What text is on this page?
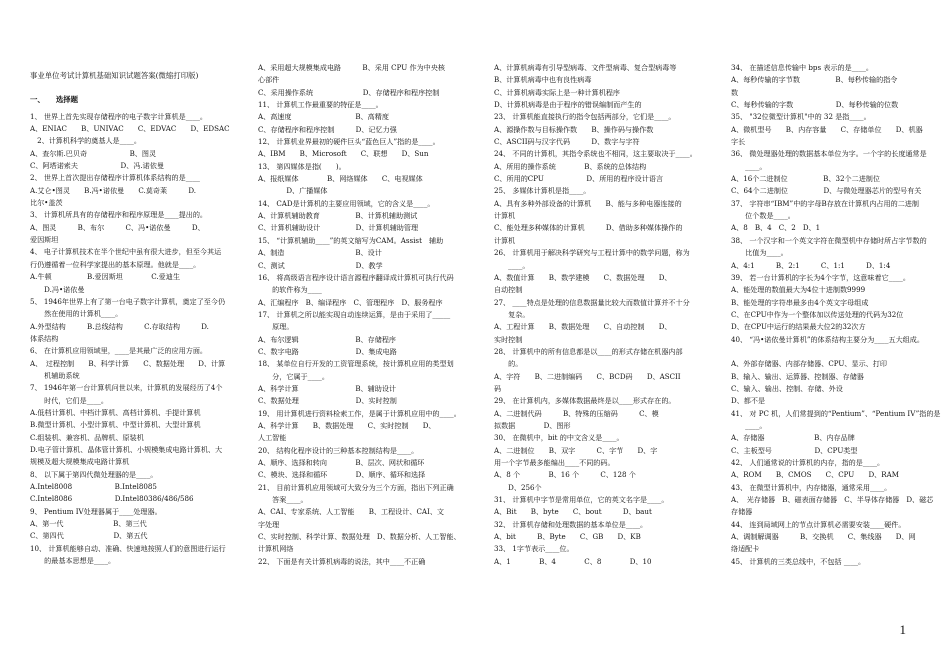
事业单位考试计算机基础知识试题答案(微缩打印版)
一、　　选择题
1、 世界上首先实现存储程序的电子数字计算机是____。
A、ENIAC　　B、UNIVAC　　C、EDVAC　　D、EDSAC
　2、计算机科学的奠基人是____。
A、查尔斯.巴贝奇　　　　　　B、图灵
C、阿塔诺索夫　　　　　　D、冯.诺依曼
2、 世界上首次提出存储程序计算机体系结构的是____
A.艾仑•图灵　　B.冯•诺依曼　　C.莫奇莱　　　D.
比尔•盖茨
3、 计算机所具有的存储程序和程序原理是____提出的。
A、图灵　　　B、布尔　　　C、冯•诺依曼　　　D、
爱因斯坦
4、 电子计算机技术在半个世纪中虽有很大进步，但至今其运
行仍遵循着一位科学家提出的基本原理。他就是____。
A.牛顿　　　　　B.爱因斯坦　　　　C.爱迪生
　　D.冯•诺依曼
5、 1946年世界上有了第一台电子数字计算机，奠定了至今仍
　　然在使用的计算机____。
A.外型结构　　　B.总线结构　　　C.存取结构　　　D.
体系结构
6、 在计算机应用领域里，____是其最广泛的应用方面。
A、　过程控制　　B、科学计算　　C、数据处理　　D、计算
　　机辅助系统
7、 1946年第一台计算机问世以来，计算机的发展经历了4个
　　时代，它们是____。
A.低档计算机、中档计算机、高档计算机、手提计算机
B.微型计算机、小型计算机、中型计算机、大型计算机
C.组装机、兼容机、品牌机、原装机
D.电子管计算机、晶体管计算机、小规模集成电路计算机、大
规模及超大规模集成电路计算机
8、 以下属于第四代微处理器的是____。
A.Intel8008　　　　　　B.Intel8085
C.Intel8086　　　　　　D.Intel80386/486/586
9、 Pentium IV处理器属于____处理器。
A、第一代　　　　　　　B、第三代
C、第四代　　　　　　　D、第五代
10、 计算机能够自动、准确、快速地按照人们的意图进行运行
　　的最基本思想是____。
A、采用超大规模集成电路　　　B、采用 CPU 作为中央核
心部件
C、采用操作系统　　　　　　　D、存储程序和程序控制
11、 计算机工作最重要的特征是____。
A、高速度　　　　　　　　　B、高精度
C、存储程序和程序控制　　　D、记忆力强
12、 计算机业界最初的硬件巨头“蓝色巨人”指的是____。
A、IBM　　B、Microsoft　　C、联想　　D、Sun
13、 第四媒体是指(　　)。
A、报纸媒体　　　　B、网络媒体　　C、电视媒体
　　　　D、广播媒体
14、 CAD是计算机的主要应用领域，它的含义是____。
A、计算机辅助教育　　　　　B、计算机辅助测试
C、计算机辅助设计　　　　　D、计算机辅助管理
15、 “计算机辅助____”的英文缩写为CAM。Assist　辅助
A、制造　　　　　　　　　　B、设计
C、测试　　　　　　　　　　D、教学
16、 将高级语言程序设计语言源程序翻译成计算机可执行代码
　　的软件称为____
A、汇编程序　B、编译程序　C、管理程序　D、服务程序
17、 计算机之所以能实现自动连续运算，是由于采用了_____
　　原理。
A、布尔逻辑　　　　　　　　B、存储程序
C、数字电路　　　　　　　　D、集成电路
18、 某单位自行开发的工资管理系统，按计算机应用的类型划
　　分，它属于____。
A、科学计算　　　　　　　　B、辅助设计
C、数据处理　　　　　　　　D、实时控制
19、 用计算机进行资料检索工作，是属于计算机应用中的____。
A、科学计算　　B、数据处理　　C、实时控制　　D、
人工智能
20、 结构化程序设计的三种基本控制结构是____。
A、顺序、选择和转向　　　　B、层次、网状和循环
C、模块、选择和循环　　　　D、顺序、循环和选择
21、 目前计算机应用领域可大致分为三个方面，指出下列正确
　　答案____。
A、CAI、专家系统、人工智能　　B、工程设计、CAI、文
字处理
C、实时控制、科学计算、数据处理　D、数据分析、人工智能、
计算机网络
22、 下面是有关计算机病毒的说法，其中____不正确
A、计算机病毒有引导型病毒、文件型病毒、复合型病毒等
B、计算机病毒中也有良性病毒
C、计算机病毒实际上是一种计算机程序
D、计算机病毒是由于程序的错误编制而产生的
23、 计算机能直接执行的指令包括两部分，它们是____。
A、源操作数与目标操作数　　B、操作码与操作数
C、ASCII码与汉字代码　　　D、数字与字符
24、 不同的计算机，其指令系统也不相同，这主要取决于____。
A、所用的操作系统　　　　B、系统的总体结构
C、所用的CPU　　　　　　D、所用的程序设计语言
25、 多媒体计算机是指____。
A、具有多种外部设备的计算机　　B、能与多种电器连接的
计算机
C、能处理多种媒体的计算机　　　D、借助多种媒体操作的
计算机
26、 计算机用于解决科学研究与工程计算中的数学问题，称为
　　____。
A、数值计算　　B、数学建模　　C、数据处理　　D、
自动控制
27、 ____特点是处理的信息数据量比较大而数值计算并不十分
　　复杂。
A、工程计算　　B、数据处理　　C、自动控制　　D、
实时控制
28、 计算机中的所有信息都是以____的形式存储在机器内部
　　的。
A、字符　　B、二进制编码　　C、BCD码　　D、ASCII
码
29、 在计算机内，多媒体数据最终是以____形式存在的。
A、二进制代码　　　B、特殊的压缩码　　　C、模
拟数据　　　　D、图形
30、 在微机中，bit 的中文含义是____。
A、二进制位　　B、双字　　　C、字节　　D、字
用一个字节最多能编出____不同的码。
A、8 个　　　　B、16 个　　　C、128 个
　　D、256个
31、 计算机中字节是常用单位，它的英文名字是____。
A、Bit　　B、byte　　C、bout　　　D、baut
32、 计算机存储和处理数据的基本单位是____。
A、bit　　　B、Byte　　C、GB　　D、KB
33、 1字节表示____位。
A、1　　　　B、4　　　　C、8　　　　D、10
34、 在描述信息传输中 bps 表示的是____。
A、每秒传输的字节数　　　　　B、每秒传输的指令
数
C、每秒传输的字数　　　　　　D、每秒传输的位数
35、 "32位微型计算机"中的 32 是指____。
A、微机型号　　B、内存容量　　C、存储单位　　D、机器
字长
36、 微处理器处理的数据基本单位为字。一个字的长度通常是
　　____。
A、16个二进制位　　　　　B、32个二进制位
C、64个二进制位　　　　　D、与微处理器芯片的型号有关
37、 字符串“IBM”中的字母B存放在计算机内占用的二进制
　　位个数是____。
A、8　B、4　C、2　D、1
38、 一个汉字和一个英文字符在微型机中存储时所占字节数的
　　比值为____。
A、4:1　　　B、2:1　　　C、1:1　　　D、1:4
39、 若一台计算机的字长为4个字节，这意味着它____。
A、能处理的数值最大为4位十进制数9999
B、能处理的字符串最多由4个英文字母组成
C、在CPU中作为一个整体加以传送处理的代码为32位
D、在CPU中运行的结果最大位2的32次方
40、 “冯•诺依曼计算机”的体系结构主要分为____五大组成。
A、外部存储器、内部存储器、CPU、显示、打印
B、输入、输出、运算器、控制器、存储器
C、输入、输出、控制、存储、外设
D、都不是
41、 对 PC 机，人们常提到的“Pentium”、“Pentium IV”指的是
　　____。
A、存储器　　　　　　　B、内存品牌
C、主板型号　　　　　　D、CPU类型
42、 人们通常说的计算机的内存，指的是____。
A、ROM　　B、CMOS　　C、CPU　　D、RAM
43、 在微型计算机中，内存储器，通常采用____。
A、　光存储器　B、磁表面存储器　C、半导体存储器　D、磁芯
存储器
44、 连到局域网上的节点计算机必需要安装____硬件。
A、调制解调器　　　B、交换机　　C、集线器　　D、网
络适配卡
45、 计算机的三类总线中，不包括 ____。
1
